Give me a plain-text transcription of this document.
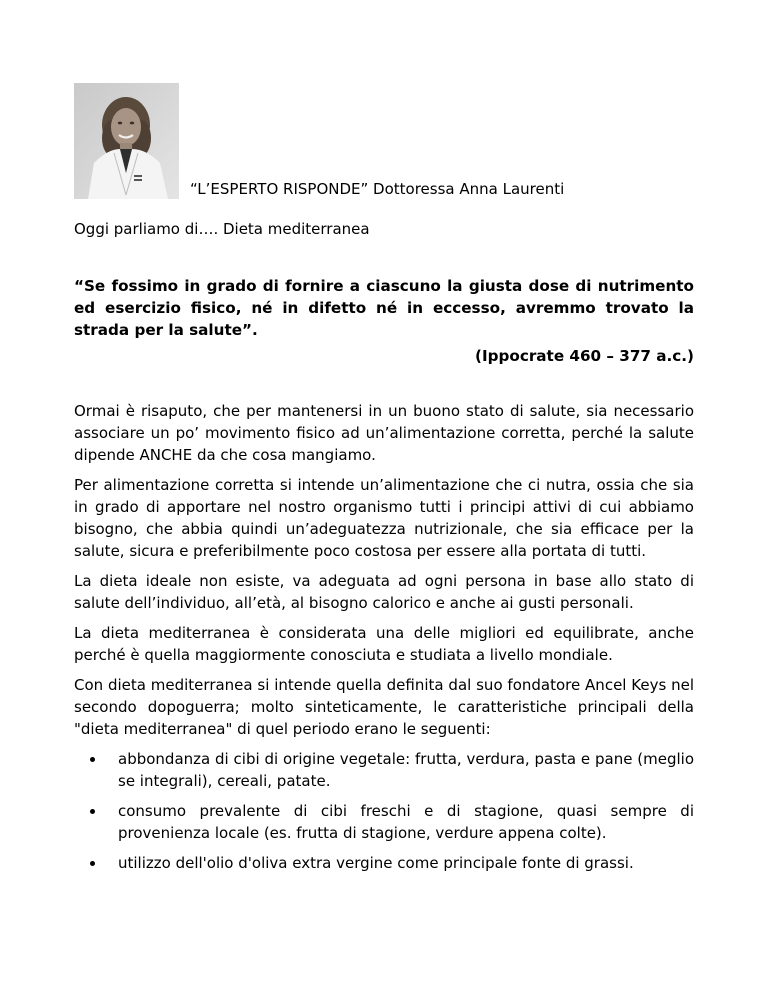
“L’ESPERTO RISPONDE” Dottoressa Anna Laurenti
Oggi parliamo di…. Dieta mediterranea
“Se fossimo in grado di fornire a ciascuno la giusta dose di nutrimento ed esercizio fisico, né in difetto né in eccesso, avremmo trovato la strada per la salute”.
(Ippocrate 460 – 377 a.c.)

Ormai è risaputo, che per mantenersi in un buono stato di salute, sia necessario associare un po’ movimento fisico ad un’alimentazione corretta, perché la salute dipende ANCHE da che cosa mangiamo.

Per alimentazione corretta si intende un’alimentazione che ci nutra, ossia che sia in grado di apportare nel nostro organismo tutti i principi attivi di cui abbiamo bisogno, che abbia quindi un’adeguatezza nutrizionale, che sia efficace per la salute, sicura e preferibilmente poco costosa per essere alla portata di tutti.

La dieta ideale non esiste, va adeguata ad ogni persona in base allo stato di salute dell’individuo, all’età, al bisogno calorico e anche ai gusti personali.

La dieta mediterranea è considerata una delle migliori ed equilibrate, anche perché è quella maggiormente conosciuta e studiata a livello mondiale.

Con dieta mediterranea si intende quella definita dal suo fondatore Ancel Keys nel secondo dopoguerra; molto sinteticamente, le caratteristiche principali della "dieta mediterranea" di quel periodo erano le seguenti:

abbondanza di cibi di origine vegetale: frutta, verdura, pasta e pane (meglio se integrali), cereali, patate.
consumo prevalente di cibi freschi e di stagione, quasi sempre di provenienza locale (es. frutta di stagione, verdure appena colte).
utilizzo dell'olio d'oliva extra vergine come principale fonte di grassi.
